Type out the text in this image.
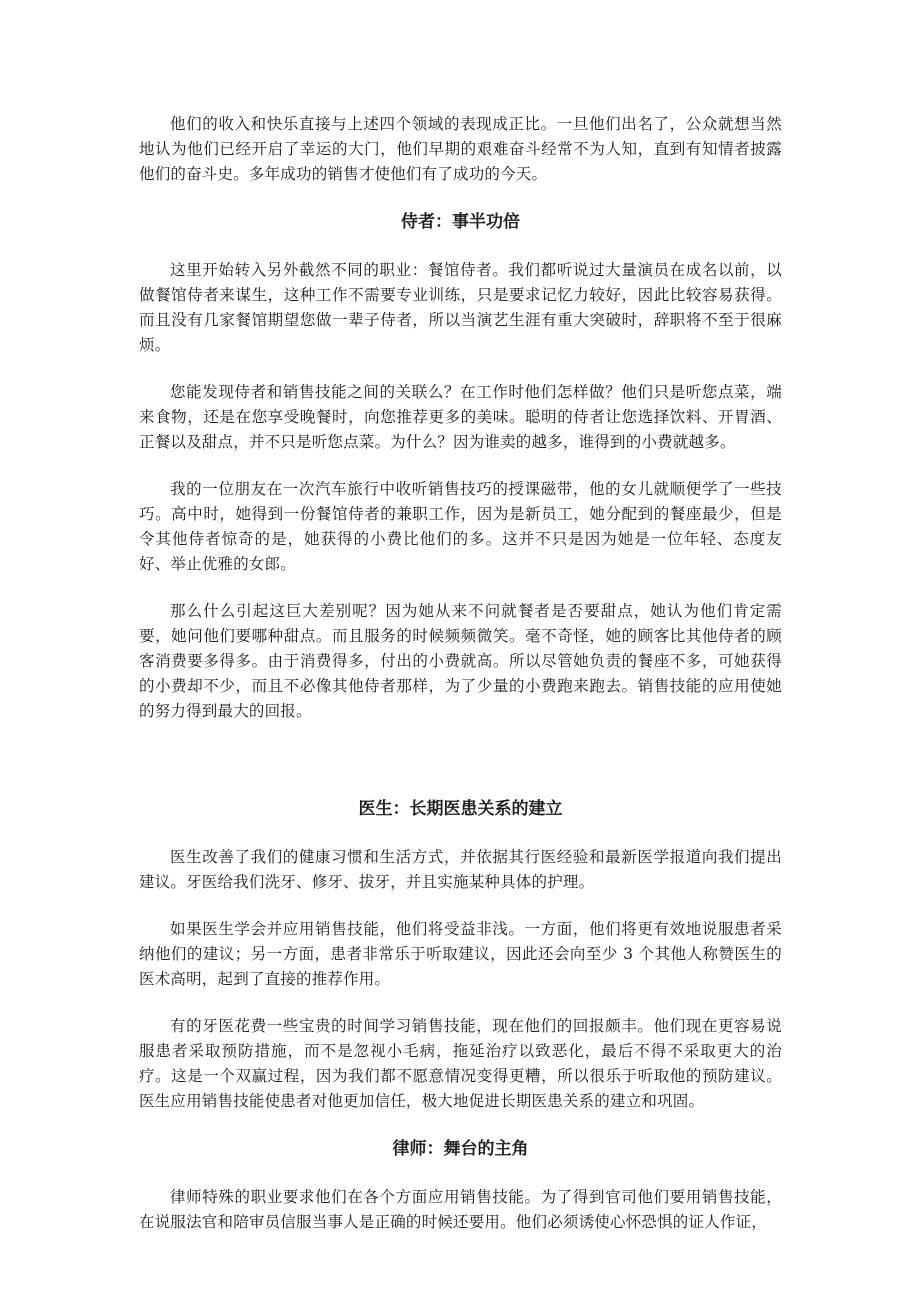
他们的收入和快乐直接与上述四个领域的表现成正比。一旦他们出名了，公众就想当然地认为他们已经开启了幸运的大门，他们早期的艰难奋斗经常不为人知，直到有知情者披露他们的奋斗史。多年成功的销售才使他们有了成功的今天。

侍者：事半功倍

这里开始转入另外截然不同的职业：餐馆侍者。我们都听说过大量演员在成名以前，以做餐馆侍者来谋生，这种工作不需要专业训练，只是要求记忆力较好，因此比较容易获得。而且没有几家餐馆期望您做一辈子侍者，所以当演艺生涯有重大突破时，辞职将不至于很麻烦。

您能发现侍者和销售技能之间的关联么？在工作时他们怎样做？他们只是听您点菜，端来食物，还是在您享受晚餐时，向您推荐更多的美味。聪明的侍者让您选择饮料、开胃酒、正餐以及甜点，并不只是听您点菜。为什么？因为谁卖的越多，谁得到的小费就越多。

我的一位朋友在一次汽车旅行中收听销售技巧的授课磁带，他的女儿就顺便学了一些技巧。高中时，她得到一份餐馆侍者的兼职工作，因为是新员工，她分配到的餐座最少，但是令其他侍者惊奇的是，她获得的小费比他们的多。这并不只是因为她是一位年轻、态度友好、举止优雅的女郎。

那么什么引起这巨大差别呢？因为她从来不问就餐者是否要甜点，她认为他们肯定需要，她问他们要哪种甜点。而且服务的时候频频微笑。毫不奇怪，她的顾客比其他侍者的顾客消费要多得多。由于消费得多，付出的小费就高。所以尽管她负责的餐座不多，可她获得的小费却不少，而且不必像其他侍者那样，为了少量的小费跑来跑去。销售技能的应用使她的努力得到最大的回报。

医生：长期医患关系的建立

医生改善了我们的健康习惯和生活方式，并依据其行医经验和最新医学报道向我们提出建议。牙医给我们洗牙、修牙、拔牙，并且实施某种具体的护理。

如果医生学会并应用销售技能，他们将受益非浅。一方面，他们将更有效地说服患者采纳他们的建议；另一方面，患者非常乐于听取建议，因此还会向至少 3 个其他人称赞医生的医术高明，起到了直接的推荐作用。

有的牙医花费一些宝贵的时间学习销售技能，现在他们的回报颇丰。他们现在更容易说服患者采取预防措施，而不是忽视小毛病，拖延治疗以致恶化，最后不得不采取更大的治疗。这是一个双赢过程，因为我们都不愿意情况变得更糟，所以很乐于听取他的预防建议。医生应用销售技能使患者对他更加信任，极大地促进长期医患关系的建立和巩固。

律师：舞台的主角

律师特殊的职业要求他们在各个方面应用销售技能。为了得到官司他们要用销售技能，在说服法官和陪审员信服当事人是正确的时候还要用。他们必须诱使心怀恐惧的证人作证，
